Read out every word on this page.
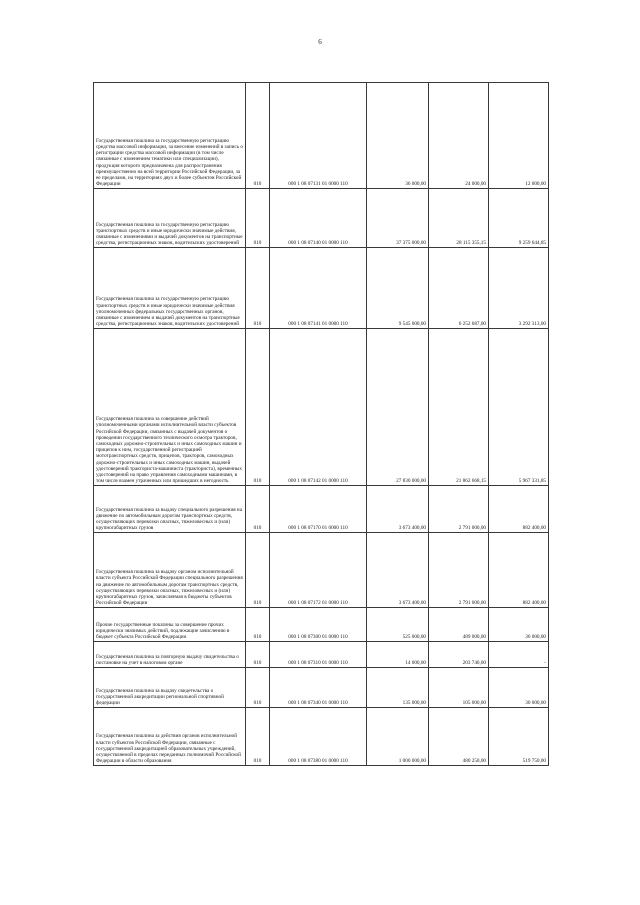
6
Государственная пошлина за государственную регистрацию средства массовой информации, за внесение изменений в запись о регистрации средства массовой информации (в том числе связанные с изменением тематики или специализации), продукция которого предназначена для распространения преимущественно на всей территории Российской Федерации, за ее пределами, на территориях двух и более субъектов Российской Федерации	010	000 1 08 07131 01 0000 110	36 000,00	24 000,00	12 000,00
Государственная пошлина за государственную регистрацию транспортных средств и иные юридически значимые действия, связанные с изменениями и выдачей документов на транспортные средства, регистрационных знаков, водительских удостоверений	010	000 1 08 07140 01 0000 110	37 375 000,00	28 115 355,15	9 259 644,85
Государственная пошлина за государственную регистрацию транспортных средств и иные юридически значимые действия уполномоченных федеральных государственных органов, связанные с изменением и выдачей документов на транспортные средства, регистрационных знаков, водительских удостоверений	010	000 1 08 07141 01 0000 110	9 545 000,00	6 252 687,00	3 292 313,00
Государственная пошлина за совершение действий уполномоченными органами исполнительной власти субъектов Российской Федерации, связанных с выдачей документов о проведении государственного технического осмотра тракторов, самоходных дорожно-строительных и иных самоходных машин и прицепов к ним, государственной регистрацией мототранспортных средств, прицепов, тракторов, самоходных дорожно-строительных и иных самоходных машин, выдачей удостоверений тракториста-машиниста (тракториста), временных удостоверений на право управления самоходными машинами, в том числе взамен утраченных или пришедших в негодность	010	000 1 08 07142 01 0000 110	27 830 000,00	21 862 668,15	5 967 331,85
Государственная пошлина за выдачу специального разрешения на движение по автомобильным дорогам транспортных средств, осуществляющих перевозки опасных, тяжеловесных и (или) крупногабаритных грузов	010	000 1 08 07170 01 0000 110	3 673 400,00	2 791 000,00	882 400,00
Государственная пошлина за выдачу органом исполнительной власти субъекта Российской Федерации специального разрешения на движение по автомобильным дорогам транспортных средств, осуществляющих перевозки опасных, тяжеловесных и (или) крупногабаритных грузов, зачисляемая в бюджеты субъектов Российской Федерации	010	000 1 08 07172 01 0000 110	3 673 400,00	2 791 000,00	882 400,00
Прочие государственные пошлины за совершение прочих юридически значимых действий, подлежащие зачислению в бюджет субъекта Российской Федерации	010	000 1 08 07300 01 0000 110	525 000,00	489 000,00	36 000,00
Государственная пошлина за повторную выдачу свидетельства о постановке на учет в налоговом органе	010	000 1 08 07310 01 0000 110	14 000,00	203 740,00	-
Государственная пошлина за выдачу свидетельства о государственной аккредитации региональной спортивной федерации	010	000 1 08 07340 01 0000 110	135 000,00	105 000,00	30 000,00
Государственная пошлина за действия органов исполнительной власти субъектов Российской Федерации, связанные с государственной аккредитацией образовательных учреждений, осуществляемой в пределах переданных полномочий Российской Федерации в области образования	010	000 1 08 07380 01 0000 110	1 000 000,00	480 250,00	519 750,00
